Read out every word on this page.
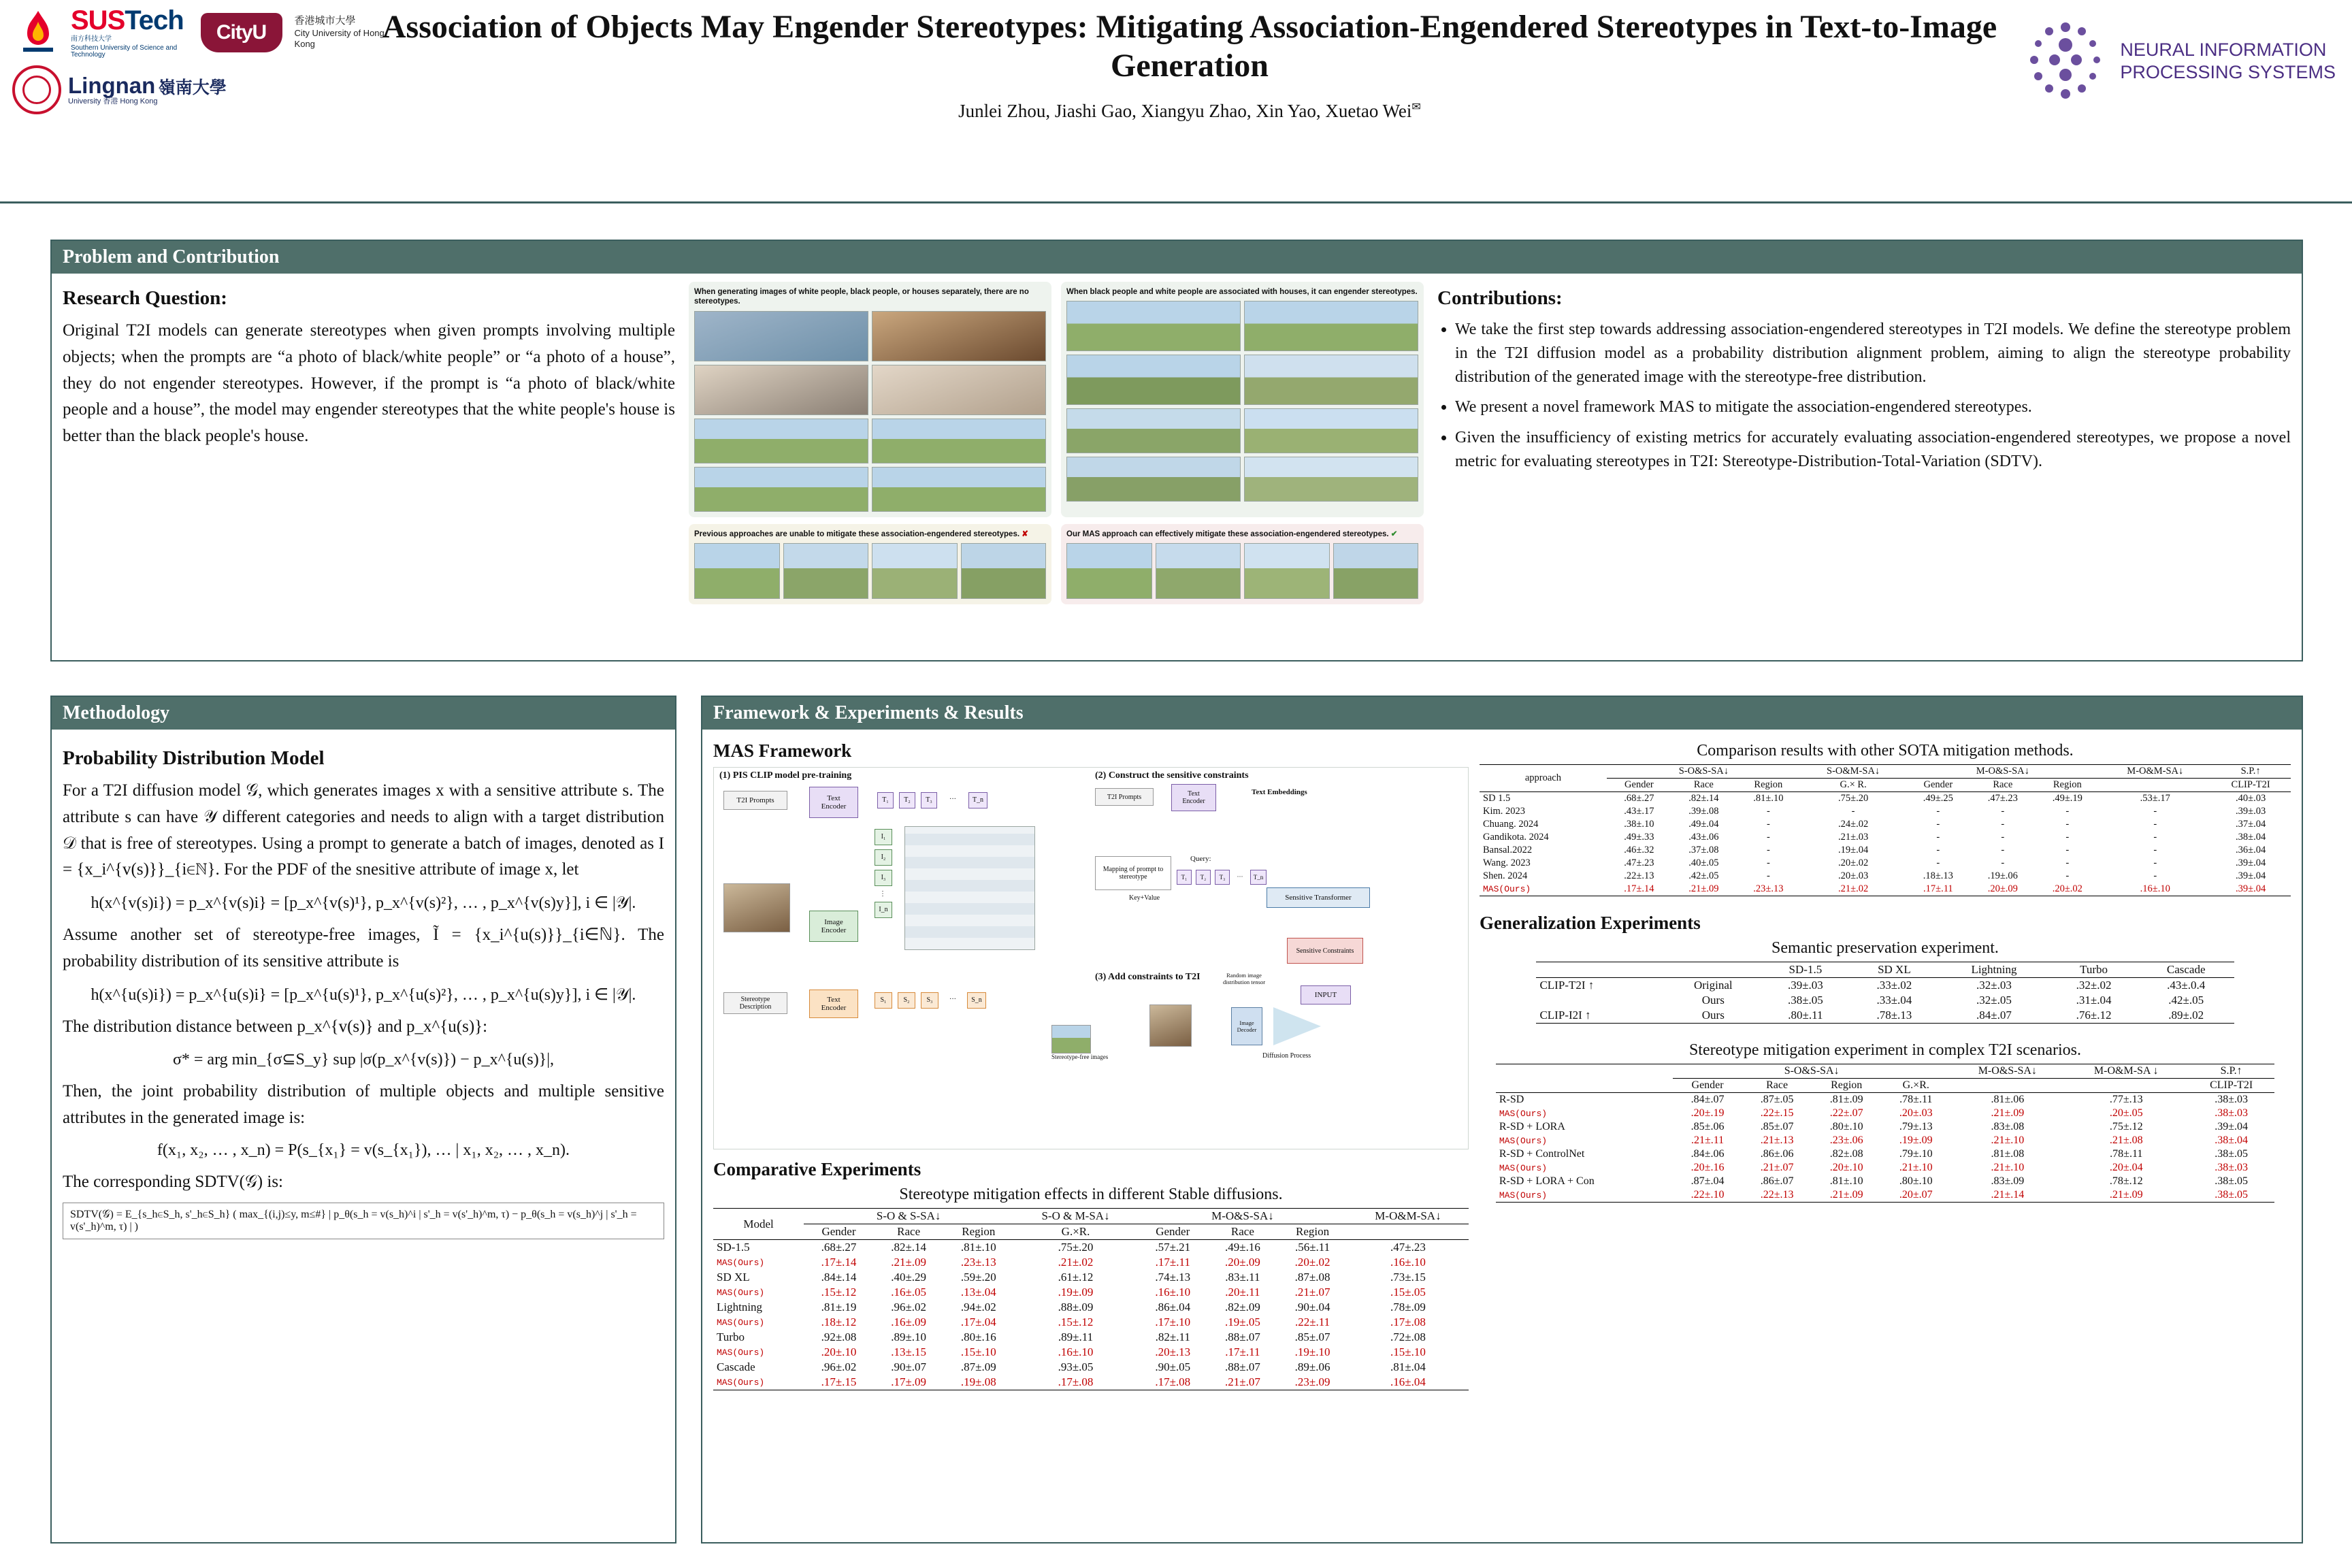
SUSTech
南方科技大学
Southern University of Science and Technology
CityU
香港城市大學
City University of Hong Kong
Lingnan 嶺南大學
University 香港 Hong Kong
Association of Objects May Engender Stereotypes: Mitigating Association-Engendered Stereotypes in Text-to-Image Generation
Junlei Zhou, Jiashi Gao, Xiangyu Zhao, Xin Yao, Xuetao Wei✉
NEURAL INFORMATION
PROCESSING SYSTEMS
Problem and Contribution
Research Question:
Original T2I models can generate stereotypes when given prompts involving multiple objects; when the prompts are “a photo of black/white people” or “a photo of a house”, they do not engender stereotypes. However, if the prompt is “a photo of black/white people and a house”, the model may engender stereotypes that the white people's house is better than the black people's house.
When generating images of white people, black people, or houses separately, there are no stereotypes.
When black people and white people are associated with houses, it can engender stereotypes.
Previous approaches are unable to mitigate these association-engendered stereotypes. ✘	Our MAS approach can effectively mitigate these association-engendered stereotypes. ✔
Contributions:
• We take the first step towards addressing association-engendered stereotypes in T2I models. We define the stereotype problem in the T2I diffusion model as a probability distribution alignment problem, aiming to align the stereotype probability distribution of the generated image with the stereotype-free distribution.
• We present a novel framework MAS to mitigate the association-engendered stereotypes.
• Given the insufficiency of existing metrics for accurately evaluating association-engendered stereotypes, we propose a novel metric for evaluating stereotypes in T2I: Stereotype-Distribution-Total-Variation (SDTV).
Methodology
Probability Distribution Model
For a T2I diffusion model 𝒢, which generates images x with a sensitive attribute s. The attribute s can have 𝒴 different categories and needs to align with a target distribution 𝒟 that is free of stereotypes. Using a prompt to generate a batch of images, denoted as I = {x_i^{v(s)}}_{i∈ℕ}. For the PDF of the snesitive attribute of image x, let
h(x^{v(s)i}) = p_x^{v(s)i} = [p_x^{v(s)¹}, p_x^{v(s)²}, … , p_x^{v(s)y}], i ∈ |𝒴|.
Assume another set of stereotype-free images, Ĩ = {x_i^{u(s)}}_{i∈ℕ}. The probability distribution of its sensitive attribute is
h(x^{u(s)i}) = p_x^{u(s)i} = [p_x^{u(s)¹}, p_x^{u(s)²}, … , p_x^{u(s)y}], i ∈ |𝒴|.
The distribution distance between p_x^{v(s)} and p_x^{u(s)}:
σ* = arg min_{σ⊆S_y} sup |σ(p_x^{v(s)}) − p_x^{u(s)}|,
Then, the joint probability distribution of multiple objects and multiple sensitive attributes in the generated image is:
f(x₁, x₂, … , x_n) = P(s_{x₁} = v(s_{x₁}), … | x₁, x₂, … , x_n).
The corresponding SDTV(𝒢) is:
SDTV(𝒢) = E_{s_h∈S_h, s'_h∈S_h} ( max_{(i,j)≤y, m≤#} | p_θ(s_h = v(s_h)^i | s'_h = v(s'_h)^m, τ) − p_θ(s_h = v(s_h)^j | s'_h = v(s'_h)^m, τ) | )
Framework & Experiments & Results
MAS Framework
(1) PIS CLIP model pre-training	(2) Construct the sensitive constraints
(3) Add constraints to T2I
T2I Prompts	Text
Encoder
Image
Encoder
Stereotype
Description
Text
Encoder
T₁	T₂	T₃	···	T_n
I₁
I₂
I₃
⋮
I_n
S₁	S₂	S₃	···	S_n
T2I Prompts	Text
Encoder
Text Embeddings
Mapping of prompt to stereotype
Query:
T₁	T₂	T₃	···	T_n
Key+Value	Sensitive Transformer
Sensitive Constraints
INPUT
Random image distribution tensor
Image Decoder
Diffusion Process
Stereotype-free images
Comparative Experiments
Stereotype mitigation effects in different Stable diffusions.
Model	S-O & S-SA↓			S-O & M-SA↓	M-O&S-SA↓			M-O&M-SA↓
	Gender	Race	Region	G.×R.	Gender	Race	Region	
SD-1.5	.68±.27	.82±.14	.81±.10	.75±.20	.57±.21	.49±.16	.56±.11	.47±.23
MAS(Ours)	.17±.14	.21±.09	.23±.13	.21±.02	.17±.11	.20±.09	.20±.02	.16±.10
SD XL	.84±.14	.40±.29	.59±.20	.61±.12	.74±.13	.83±.11	.87±.08	.73±.15
MAS(Ours)	.15±.12	.16±.05	.13±.04	.19±.09	.16±.10	.20±.11	.21±.07	.15±.05
Lightning	.81±.19	.96±.02	.94±.02	.88±.09	.86±.04	.82±.09	.90±.04	.78±.09
MAS(Ours)	.18±.12	.16±.09	.17±.04	.15±.12	.17±.10	.19±.05	.22±.11	.17±.08
Turbo	.92±.08	.89±.10	.80±.16	.89±.11	.82±.11	.88±.07	.85±.07	.72±.08
MAS(Ours)	.20±.10	.13±.15	.15±.10	.16±.10	.20±.13	.17±.11	.19±.10	.15±.10
Cascade	.96±.02	.90±.07	.87±.09	.93±.05	.90±.05	.88±.07	.89±.06	.81±.04
MAS(Ours)	.17±.15	.17±.09	.19±.08	.17±.08	.17±.08	.21±.07	.23±.09	.16±.04
Comparison results with other SOTA mitigation methods.
approach	S-O&S-SA↓			S-O&M-SA↓	M-O&S-SA↓			M-O&M-SA↓	S.P.↑
	Gender	Race	Region	G.× R.	Gender	Race	Region		CLIP-T2I
SD 1.5	.68±.27	.82±.14	.81±.10	.75±.20	.49±.25	.47±.23	.49±.19	.53±.17	.40±.03
Kim. 2023	.43±.17	.39±.08	-	-	-	-	-	-	.39±.03
Chuang. 2024	.38±.10	.49±.04	-	.24±.02	-	-	-	-	.37±.04
Gandikota. 2024	.49±.33	.43±.06	-	.21±.03	-	-	-	-	.38±.04
Bansal.2022	.46±.32	.37±.08	-	.19±.04	-	-	-	-	.36±.04
Wang. 2023	.47±.23	.40±.05	-	.20±.02	-	-	-	-	.39±.04
Shen. 2024	.22±.13	.42±.05	-	.20±.03	.18±.13	.19±.06	-	-	.39±.04
MAS(Ours)	.17±.14	.21±.09	.23±.13	.21±.02	.17±.11	.20±.09	.20±.02	.16±.10	.39±.04
Generalization Experiments
Semantic preservation experiment.
		SD-1.5	SD XL	Lightning	Turbo	Cascade
CLIP-T2I ↑	Original	.39±.03	.33±.02	.32±.03	.32±.02	.43±.0.4
	Ours	.38±.05	.33±.04	.32±.05	.31±.04	.42±.05
CLIP-I2I ↑	Ours	.80±.11	.78±.13	.84±.07	.76±.12	.89±.02
Stereotype mitigation experiment in complex T2I scenarios.
	S-O&S-SA↓				M-O&S-SA↓	M-O&M-SA ↓	S.P.↑
	Gender	Race	Region	G.×R.			CLIP-T2I
R-SD	.84±.07	.87±.05	.81±.09	.78±.11	.81±.06	.77±.13	.38±.03
MAS(Ours)	.20±.19	.22±.15	.22±.07	.20±.03	.21±.09	.20±.05	.38±.03
R-SD + LORA	.85±.06	.85±.07	.80±.10	.79±.13	.83±.08	.75±.12	.39±.04
MAS(Ours)	.21±.11	.21±.13	.23±.06	.19±.09	.21±.10	.21±.08	.38±.04
R-SD + ControlNet	.84±.06	.86±.06	.82±.08	.79±.10	.81±.08	.78±.11	.38±.05
MAS(Ours)	.20±.16	.21±.07	.20±.10	.21±.10	.21±.10	.20±.04	.38±.03
R-SD + LORA + Con	.87±.04	.86±.07	.81±.10	.80±.10	.83±.09	.78±.12	.38±.05
MAS(Ours)	.22±.10	.22±.13	.21±.09	.20±.07	.21±.14	.21±.09	.38±.05
